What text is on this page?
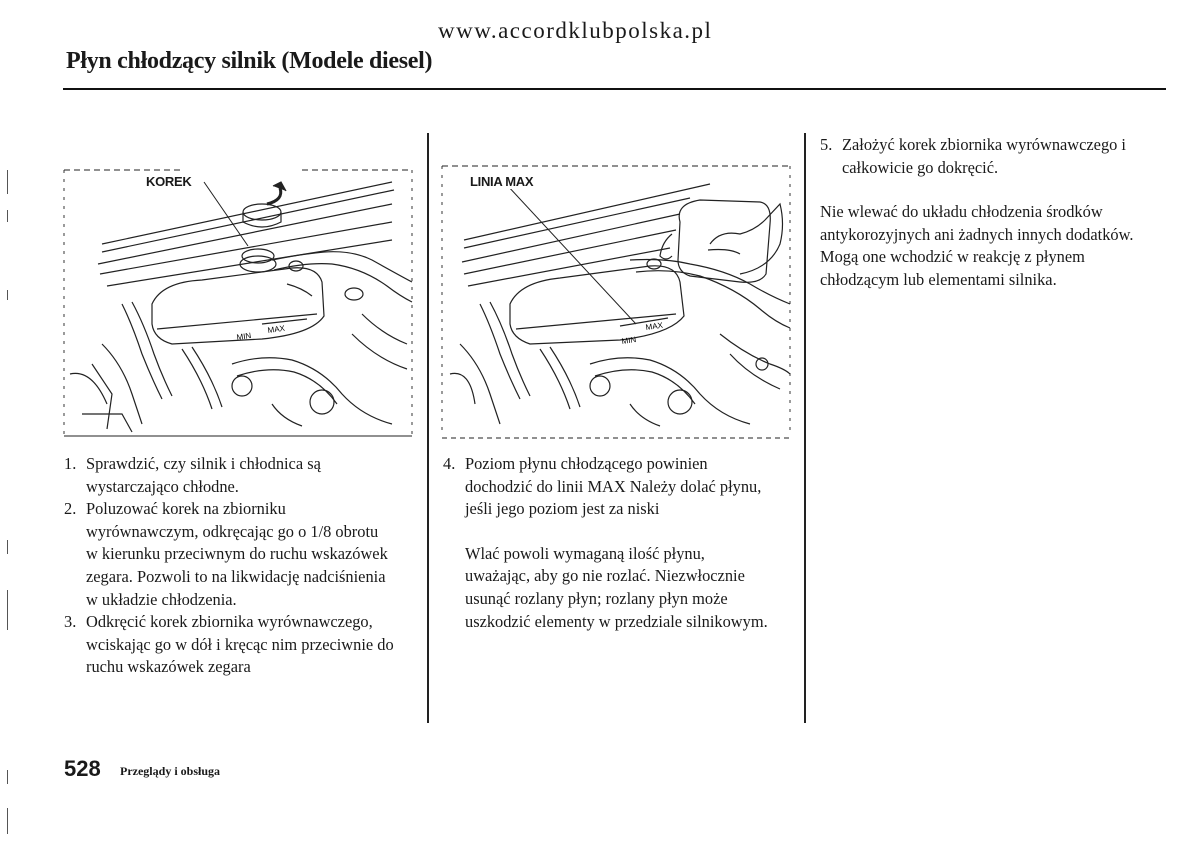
www.accordklubpolska.pl
Płyn chłodzący silnik (Modele diesel)
MIN
MAX
KOREK
MIN
MAX
LINIA MAX
1. Sprawdzić, czy silnik i chłodnica są wystarczająco chłodne.
2. Poluzować korek na zbiorniku wyrównawczym, odkręcając go o 1/8 obrotu w kierunku przeciwnym do ruchu wskazówek zegara. Pozwoli to na likwidację nadciśnienia w układzie chłodzenia.
3. Odkręcić korek zbiornika wyrównawczego, wciskając go w dół i kręcąc nim przeciwnie do ruchu wskazówek zegara
4. Poziom płynu chłodzącego powinien dochodzić do linii MAX Należy dolać płynu, jeśli jego poziom jest za niski

Wlać powoli wymaganą ilość płynu, uważając, aby go nie rozlać. Niezwłocznie usunąć rozlany płyn; rozlany płyn może uszkodzić elementy w przedziale silnikowym.

5. Założyć korek zbiornika wyrównawczego i całkowicie go dokręcić.

Nie wlewać do układu chłodzenia środków antykorozyjnych ani żadnych innych dodatków. Mogą one wchodzić w reakcję z płynem chłodzącym lub elementami silnika.

528 Przeglądy i obsługa
